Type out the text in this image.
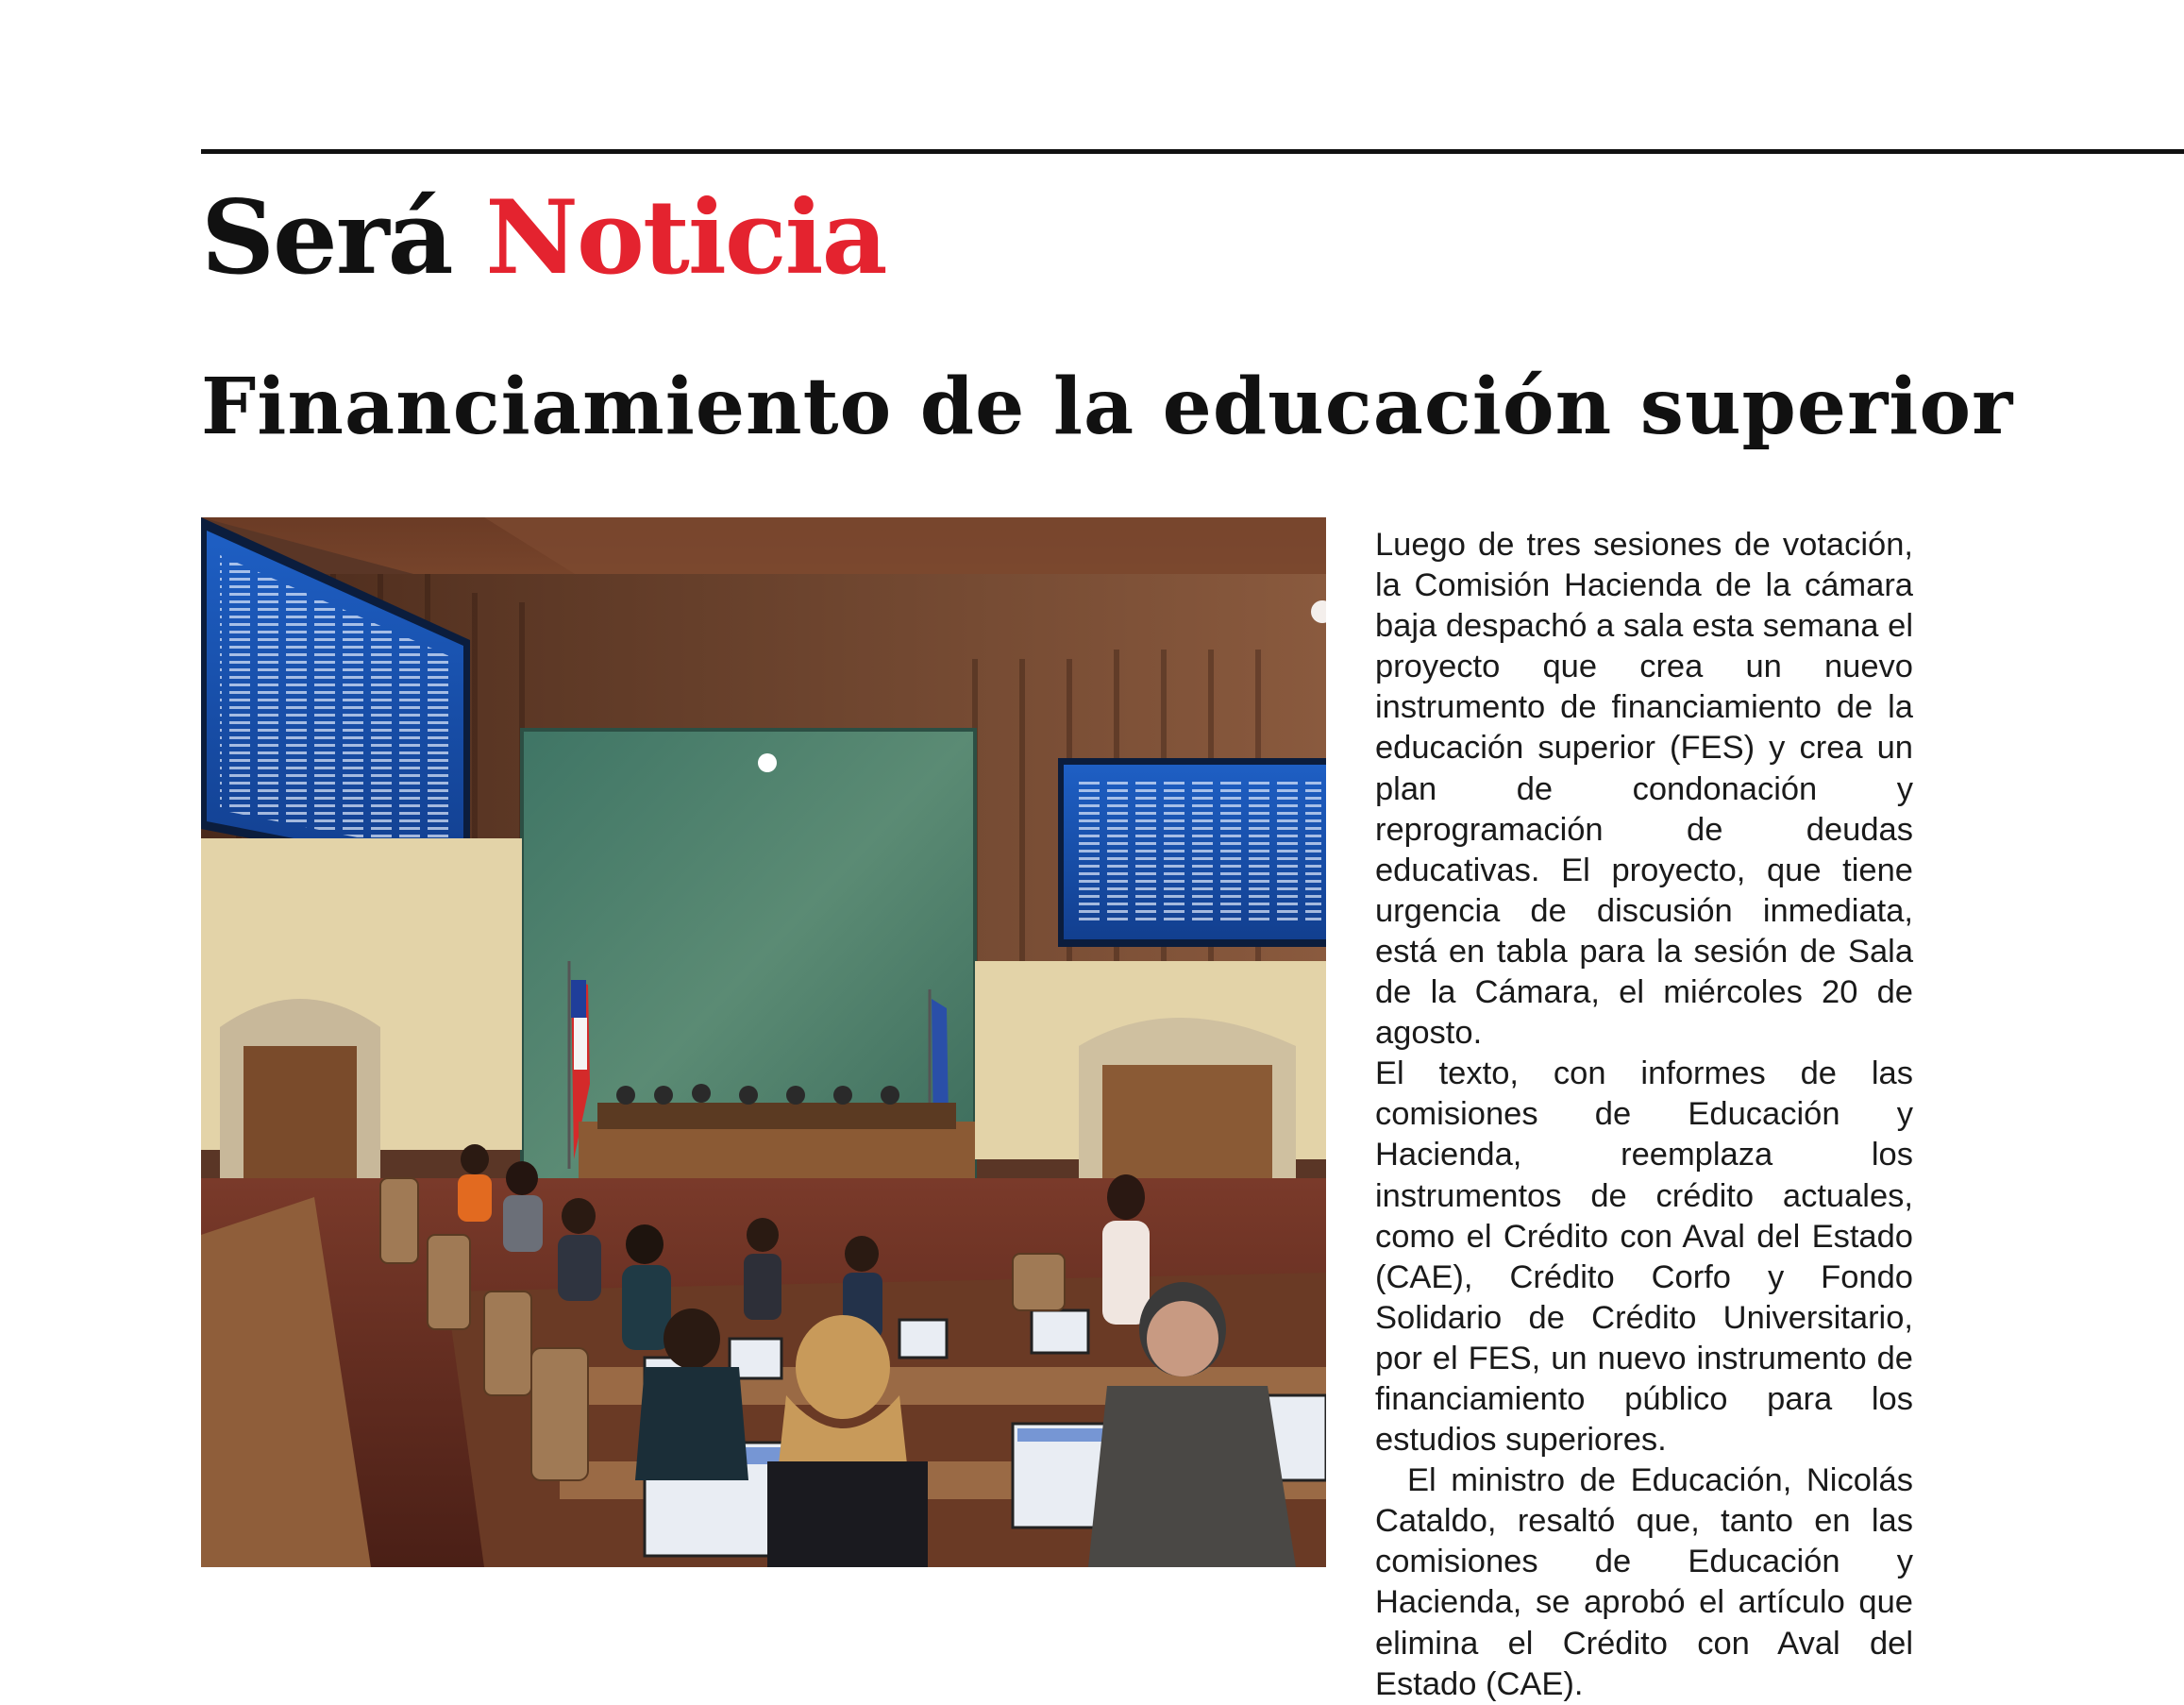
Será Noticia
Financiamiento de la educación superior

Luego de tres sesiones de votación, la Comisión Hacienda de la cámara baja despachó a sala esta semana el proyecto que crea un nuevo instrumento de financiamiento de la educación superior (FES) y crea un plan de condonación y reprogramación de deudas educativas. El proyecto, que tiene urgencia de discusión inmediata, está en tabla para la sesión de Sala de la Cámara, el miércoles 20 de agosto.

El texto, con informes de las comisiones de Educación y Hacienda, reemplaza los instrumentos de crédito actuales, como el Crédito con Aval del Estado (CAE), Crédito Corfo y Fondo Solidario de Crédito Universitario, por el FES, un nuevo instrumento de financiamiento público para los estudios superiores.

El ministro de Educación, Nicolás Cataldo, resaltó que, tanto en las comisiones de Educación y Hacienda, se aprobó el artículo que elimina el Crédito con Aval del Estado (CAE).
